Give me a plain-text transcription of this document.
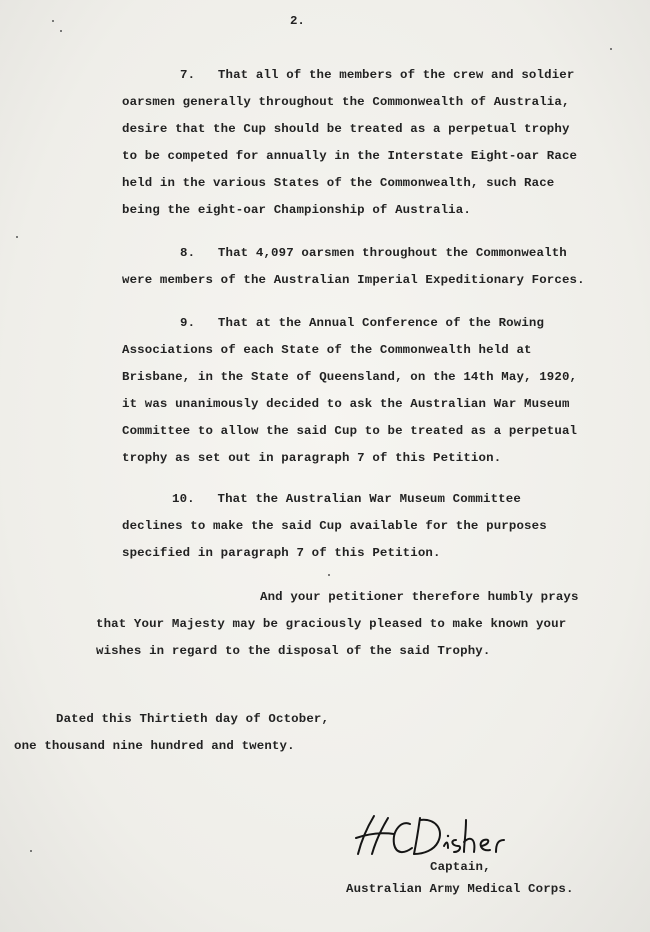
2.
7.   That all of the members of the crew and soldier
oarsmen generally throughout the Commonwealth of Australia,
desire that the Cup should be treated as a perpetual trophy
to be competed for annually in the Interstate Eight-oar Race
held in the various States of the Commonwealth, such Race
being the eight-oar Championship of Australia.
8.   That 4,097 oarsmen throughout the Commonwealth
were members of the Australian Imperial Expeditionary Forces.
9.   That at the Annual Conference of the Rowing
Associations of each State of the Commonwealth held at
Brisbane, in the State of Queensland, on the 14th May, 1920,
it was unanimously decided to ask the Australian War Museum
Committee to allow the said Cup to be treated as a perpetual
trophy as set out in paragraph 7 of this Petition.
10.   That the Australian War Museum Committee
declines to make the said Cup available for the purposes
specified in paragraph 7 of this Petition.
And your petitioner therefore humbly prays
that Your Majesty may be graciously pleased to make known your
wishes in regard to the disposal of the said Trophy.
Dated this Thirtieth day of October,
one thousand nine hundred and twenty.
Captain,
Australian Army Medical Corps.
